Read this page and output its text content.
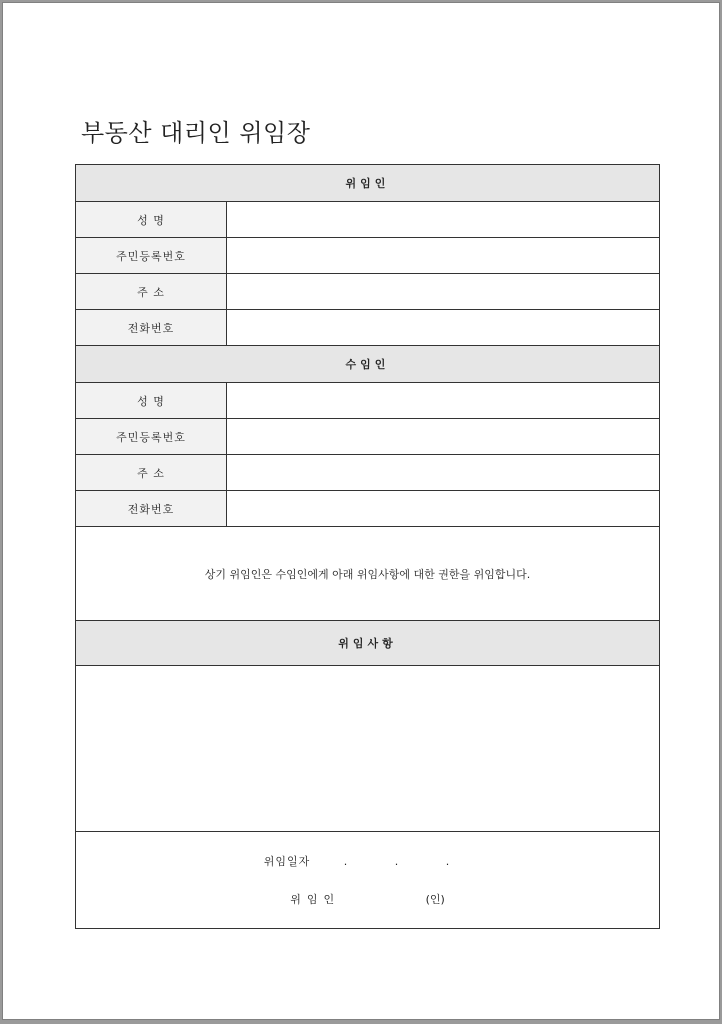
부동산 대리인 위임장
위임인	
성 명	
주민등록번호	
주 소	
전화번호	
수임인	
성 명	
주민등록번호	
주 소	
전화번호	
상기 위임인은 수임인에게 아래 위임사항에 대한 권한을 위임합니다.	
위임사항	

위임일자 . . .
위임인 (인)	
